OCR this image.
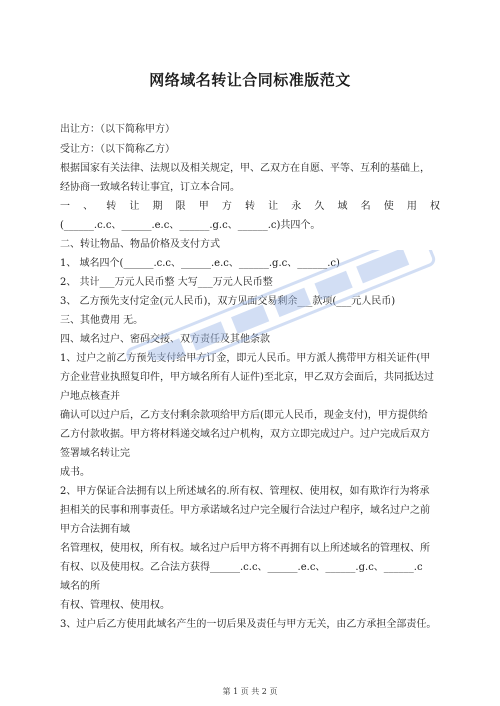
网络域名转让合同标准版范文
出让方：（以下简称甲方）
受让方：（以下简称乙方）
根据国家有关法律、法规以及相关规定，甲、乙双方在自愿、平等、互利的基础上，
经协商一致域名转让事宜，订立本合同。
一 、 转 让 期 限 甲 方 转 让 永 久 域 名 使 用 权
(______.c.c、______.e.c、______.g.c、______.c)共四个。
二、转让物品、物品价格及支付方式
1、 域名四个(______.c.c、______.e.c、______.g.c、______.c)
2、 共计___万元人民币整 大写___万元人民币整
3、 乙方预先支付定金(元人民币)，双方见面交易剩余___款项(___元人民币)
三、其他费用 无。
四、域名过户、密码交接、双方责任及其他条款
1、过户之前乙方预先支付给甲方订金，即元人民币。甲方派人携带甲方相关证件(甲
方企业营业执照复印件，甲方域名所有人证件)至北京，甲乙双方会面后，共同抵达过
户地点核查并
确认可以过户后，乙方支付剩余款项给甲方后(即元人民币，现金支付)，甲方提供给
乙方付款收据。甲方将材料递交域名过户机构，双方立即完成过户。过户完成后双方
签署域名转让完
成书。
2、甲方保证合法拥有以上所述域名的.所有权、管理权、使用权，如有欺诈行为将承
担相关的民事和刑事责任。甲方承诺域名过户完全履行合法过户程序，域名过户之前
甲方合法拥有域
名管理权，使用权，所有权。域名过户后甲方将不再拥有以上所述域名的管理权、所
有权、以及使用权。乙合法方获得______.c.c、______.e.c、______.g.c、______.c
域名的所
有权、管理权、使用权。
3、过户后乙方使用此域名产生的一切后果及责任与甲方无关，由乙方承担全部责任。
第 1 页 共 2 页
